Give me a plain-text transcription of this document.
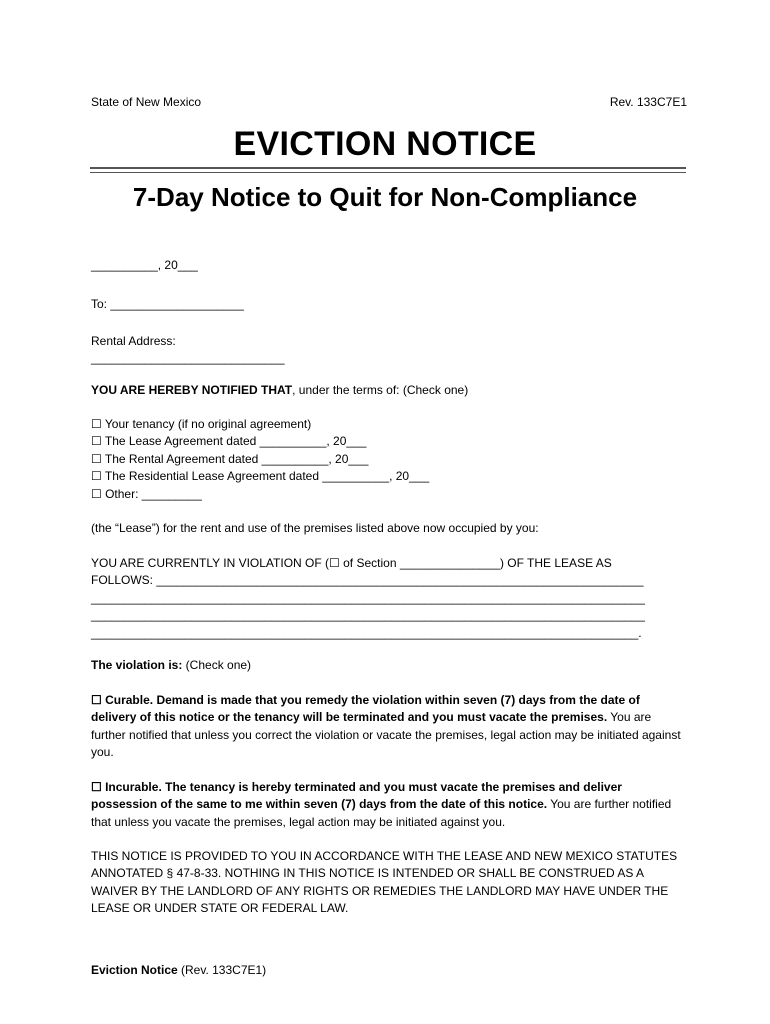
State of New Mexico	Rev. 133C7E1
EVICTION NOTICE
7-Day Notice to Quit for Non-Compliance
__________, 20___
To: ____________________
Rental Address:
_____________________________
YOU ARE HEREBY NOTIFIED THAT, under the terms of: (Check one)
☐ Your tenancy (if no original agreement)
☐ The Lease Agreement dated __________, 20___
☐ The Rental Agreement dated __________, 20___
☐ The Residential Lease Agreement dated __________, 20___
☐ Other: _________
(the “Lease”) for the rent and use of the premises listed above now occupied by you:
YOU ARE CURRENTLY IN VIOLATION OF (☐ of Section _______________) OF THE LEASE AS
FOLLOWS: _________________________________________________________________________
___________________________________________________________________________________
___________________________________________________________________________________
__________________________________________________________________________________.
The violation is: (Check one)
☐ Curable. Demand is made that you remedy the violation within seven (7) days from the date of delivery of this notice or the tenancy will be terminated and you must vacate the premises. You are further notified that unless you correct the violation or vacate the premises, legal action may be initiated against you.
☐ Incurable. The tenancy is hereby terminated and you must vacate the premises and deliver possession of the same to me within seven (7) days from the date of this notice. You are further notified that unless you vacate the premises, legal action may be initiated against you.
THIS NOTICE IS PROVIDED TO YOU IN ACCORDANCE WITH THE LEASE AND NEW MEXICO STATUTES ANNOTATED § 47-8-33. NOTHING IN THIS NOTICE IS INTENDED OR SHALL BE CONSTRUED AS A WAIVER BY THE LANDLORD OF ANY RIGHTS OR REMEDIES THE LANDLORD MAY HAVE UNDER THE LEASE OR UNDER STATE OR FEDERAL LAW.
Eviction Notice (Rev. 133C7E1)
